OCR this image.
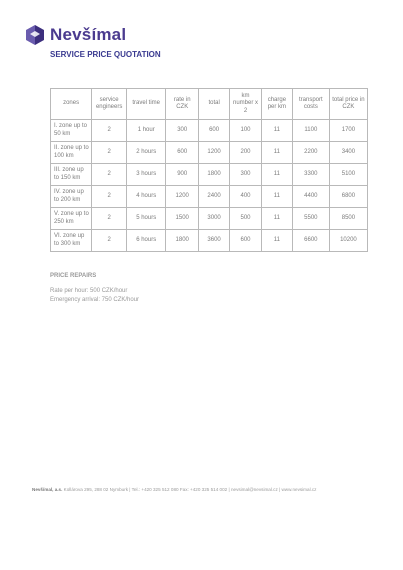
Nevšímal
SERVICE PRICE QUOTATION
zones	service engineers	travel time	rate in CZK	total	km number x 2	charge per km	transport costs	total price in CZK
I. zone up to 50 km	2	1 hour	300	600	100	11	1100	1700
II. zone up to 100 km	2	2 hours	600	1200	200	11	2200	3400
III. zone up to 150 km	2	3 hours	900	1800	300	11	3300	5100
IV. zone up to 200 km	2	4 hours	1200	2400	400	11	4400	6800
V. zone up to 250 km	2	5 hours	1500	3000	500	11	5500	8500
VI. zone up to 300 km	2	6 hours	1800	3600	600	11	6600	10200
PRICE REPAIRS
Rate per hour: 500 CZK/hour
Emergency arrival: 750 CZK/hour
Nevšímal, a.s. Kollárova 295, 288 02 Nymburk | Tel.: +420 325 512 080 Fax: +420 325 514 002 | nevsimal@nevsimal.cz | www.nevsimal.cz
